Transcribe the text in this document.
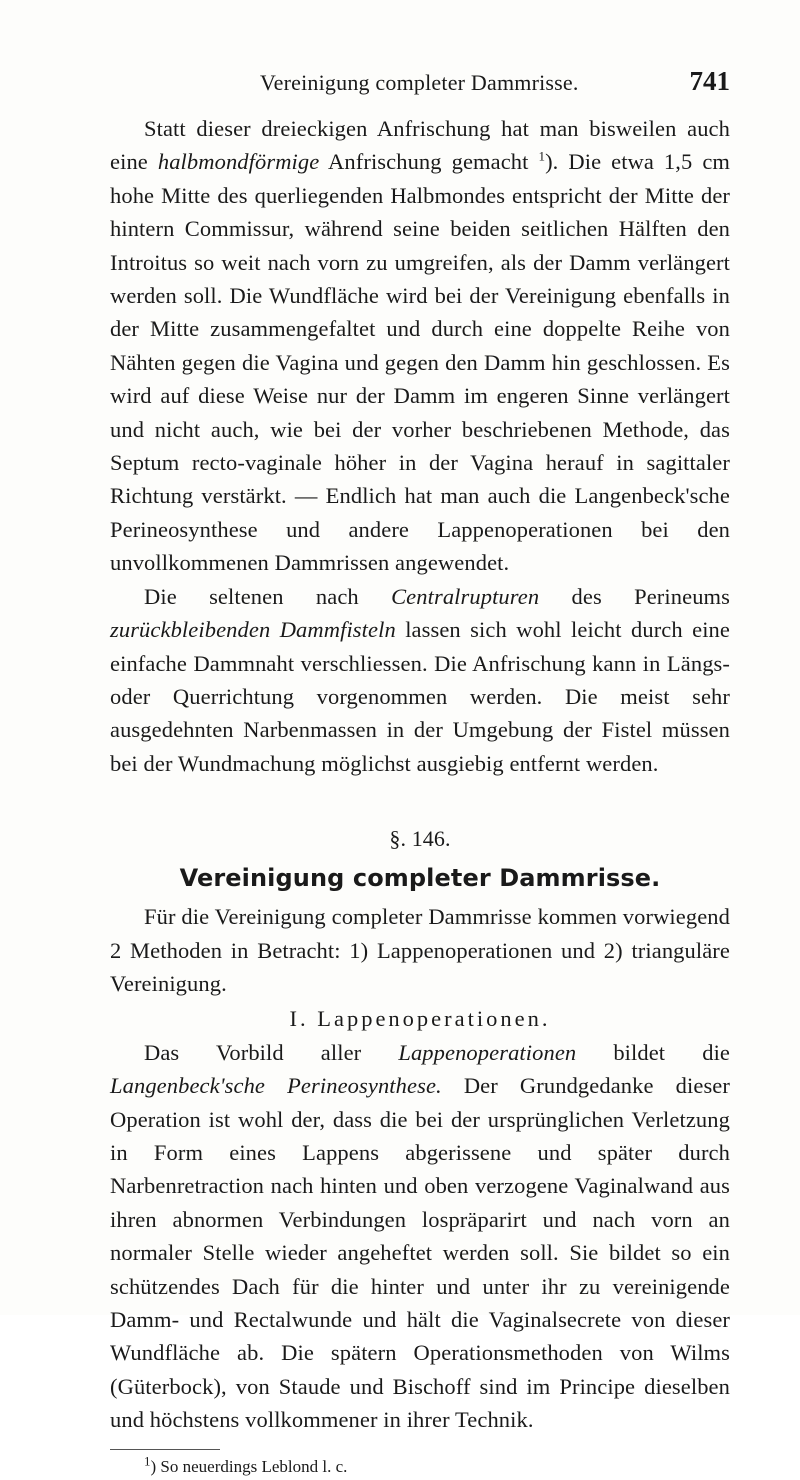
Vereinigung completer Dammrisse.	741

Statt dieser dreieckigen Anfrischung hat man bisweilen auch eine halbmondförmige Anfrischung gemacht $^1$). Die etwa 1,5 cm hohe Mitte des querliegenden Halbmondes entspricht der Mitte der hintern Commissur, während seine beiden seitlichen Hälften den Introitus so weit nach vorn zu umgreifen, als der Damm verlängert werden soll. Die Wundfläche wird bei der Vereinigung ebenfalls in der Mitte zusammengefaltet und durch eine doppelte Reihe von Nähten gegen die Vagina und gegen den Damm hin geschlossen. Es wird auf diese Weise nur der Damm im engeren Sinne verlängert und nicht auch, wie bei der vorher beschriebenen Methode, das Septum recto-vaginale höher in der Vagina herauf in sagittaler Richtung verstärkt. — Endlich hat man auch die Langenbeck'sche Perineosynthese und andere Lappenoperationen bei den unvollkommenen Dammrissen angewendet.

Die seltenen nach Centralrupturen des Perineums zurückbleibenden Dammfisteln lassen sich wohl leicht durch eine einfache Dammnaht verschliessen. Die Anfrischung kann in Längs- oder Querrichtung vorgenommen werden. Die meist sehr ausgedehnten Narbenmassen in der Umgebung der Fistel müssen bei der Wundmachung möglichst ausgiebig entfernt werden.

§. 146.

Vereinigung completer Dammrisse.

Für die Vereinigung completer Dammrisse kommen vorwiegend 2 Methoden in Betracht: 1) Lappenoperationen und 2) trianguläre Vereinigung.

I. Lappenoperationen.

Das Vorbild aller Lappenoperationen bildet die Langenbeck'sche Perineosynthese. Der Grundgedanke dieser Operation ist wohl der, dass die bei der ursprünglichen Verletzung in Form eines Lappens abgerissene und später durch Narbenretraction nach hinten und oben verzogene Vaginalwand aus ihren abnormen Verbindungen lospräparirt und nach vorn an normaler Stelle wieder angeheftet werden soll. Sie bildet so ein schützendes Dach für die hinter und unter ihr zu vereinigende Damm- und Rectalwunde und hält die Vaginalsecrete von dieser Wundfläche ab. Die spätern Operationsmethoden von Wilms (Güterbock), von Staude und Bischoff sind im Principe dieselben und höchstens vollkommener in ihrer Technik.

$^1$) So neuerdings Leblond l. c.
